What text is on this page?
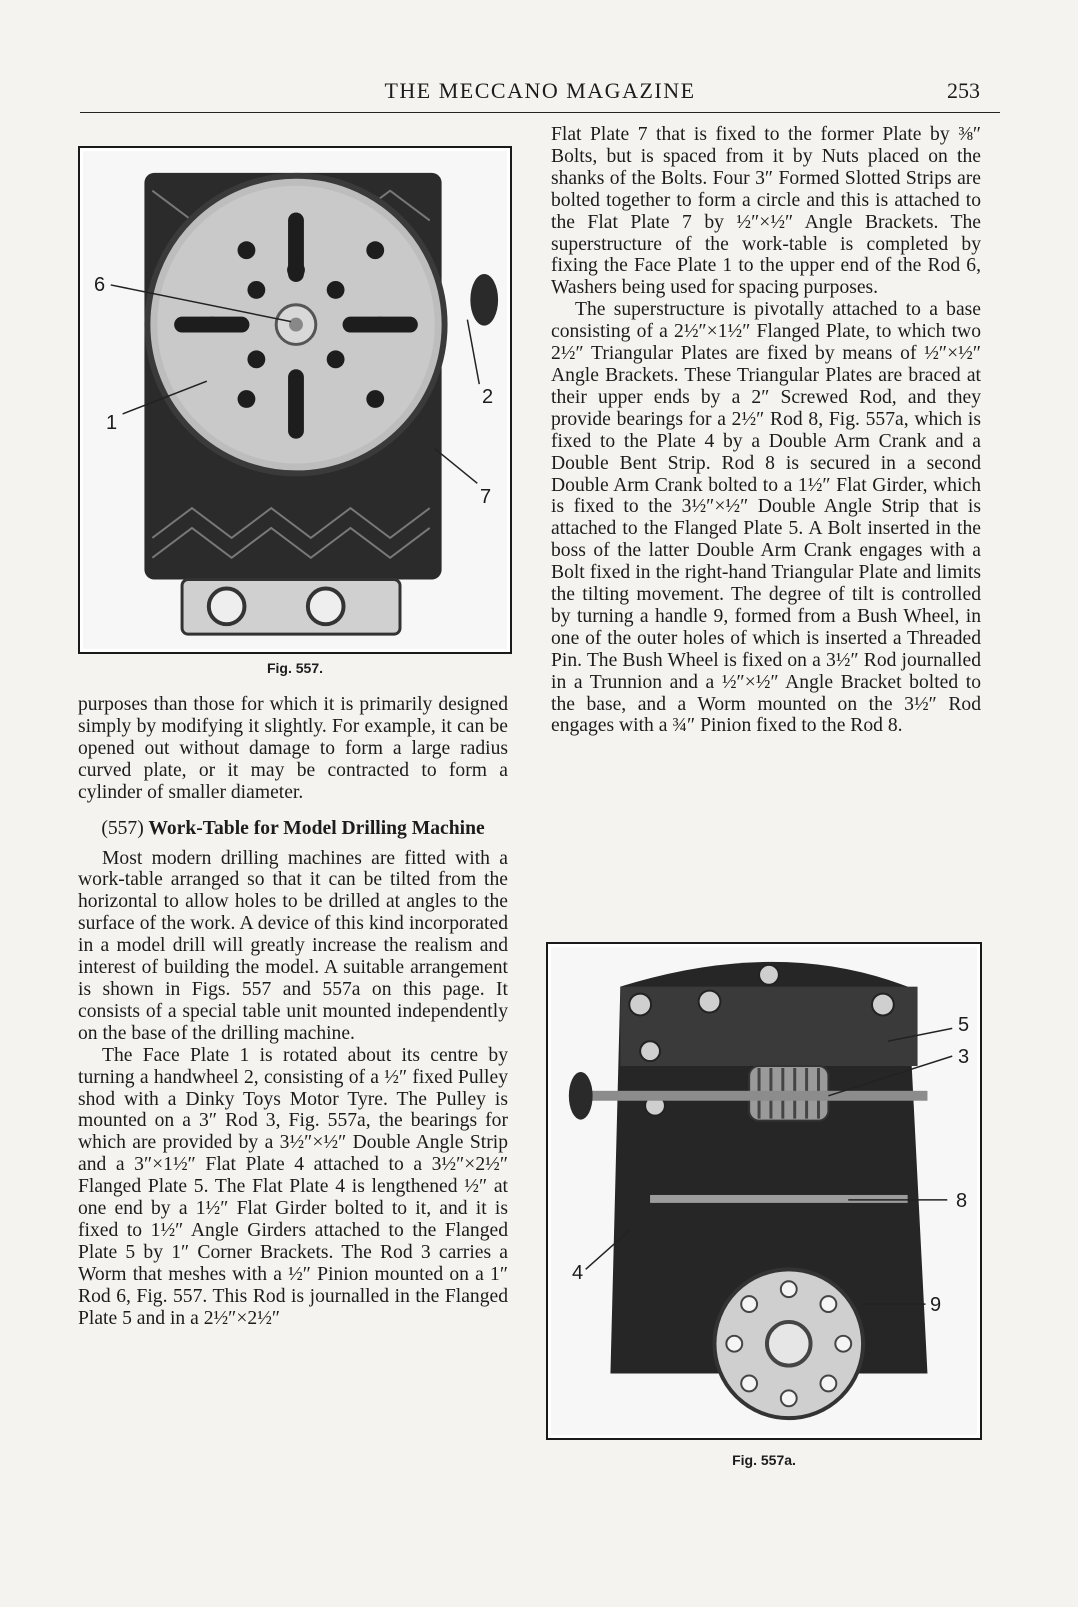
THE MECCANO MAGAZINE	253
6
1
2
7
Fig. 557.

purposes than those for which it is primarily designed simply by modifying it slightly. For example, it can be opened out without damage to form a large radius curved plate, or it may be contracted to form a cylinder of smaller diameter.

(557) Work-Table for Model Drilling Machine

Most modern drilling machines are fitted with a work-table arranged so that it can be tilted from the horizontal to allow holes to be drilled at angles to the surface of the work. A device of this kind incorporated in a model drill will greatly increase the realism and interest of building the model. A suitable arrangement is shown in Figs. 557 and 557a on this page. It consists of a special table unit mounted independently on the base of the drilling machine.

The Face Plate 1 is rotated about its centre by turning a handwheel 2, consisting of a ½″ fixed Pulley shod with a Dinky Toys Motor Tyre. The Pulley is mounted on a 3″ Rod 3, Fig. 557a, the bearings for which are provided by a 3½″×½″ Double Angle Strip and a 3″×1½″ Flat Plate 4 attached to a 3½″×2½″ Flanged Plate 5. The Flat Plate 4 is lengthened ½″ at one end by a 1½″ Flat Girder bolted to it, and it is fixed to 1½″ Angle Girders attached to the Flanged Plate 5 by 1″ Corner Brackets. The Rod 3 carries a Worm that meshes with a ½″ Pinion mounted on a 1″ Rod 6, Fig. 557. This Rod is journalled in the Flanged Plate 5 and in a 2½″×2½″

Flat Plate 7 that is fixed to the former Plate by ⅜″ Bolts, but is spaced from it by Nuts placed on the shanks of the Bolts. Four 3″ Formed Slotted Strips are bolted together to form a circle and this is attached to the Flat Plate 7 by ½″×½″ Angle Brackets. The superstructure of the work-table is completed by fixing the Face Plate 1 to the upper end of the Rod 6, Washers being used for spacing purposes.

The superstructure is pivotally attached to a base consisting of a 2½″×1½″ Flanged Plate, to which two 2½″ Triangular Plates are fixed by means of ½″×½″ Angle Brackets. These Triangular Plates are braced at their upper ends by a 2″ Screwed Rod, and they provide bearings for a 2½″ Rod 8, Fig. 557a, which is fixed to the Plate 4 by a Double Arm Crank and a Double Bent Strip. Rod 8 is secured in a second Double Arm Crank bolted to a 1½″ Flat Girder, which is fixed to the 3½″×½″ Double Angle Strip that is attached to the Flanged Plate 5. A Bolt inserted in the boss of the latter Double Arm Crank engages with a Bolt fixed in the right-hand Triangular Plate and limits the tilting movement. The degree of tilt is controlled by turning a handle 9, formed from a Bush Wheel, in one of the outer holes of which is inserted a Threaded Pin. The Bush Wheel is fixed on a 3½″ Rod journalled in a Trunnion and a ½″×½″ Angle Bracket bolted to the base, and a Worm mounted on the 3½″ Rod engages with a ¾″ Pinion fixed to the Rod 8.

5
3
8
4
9
Fig. 557a.
